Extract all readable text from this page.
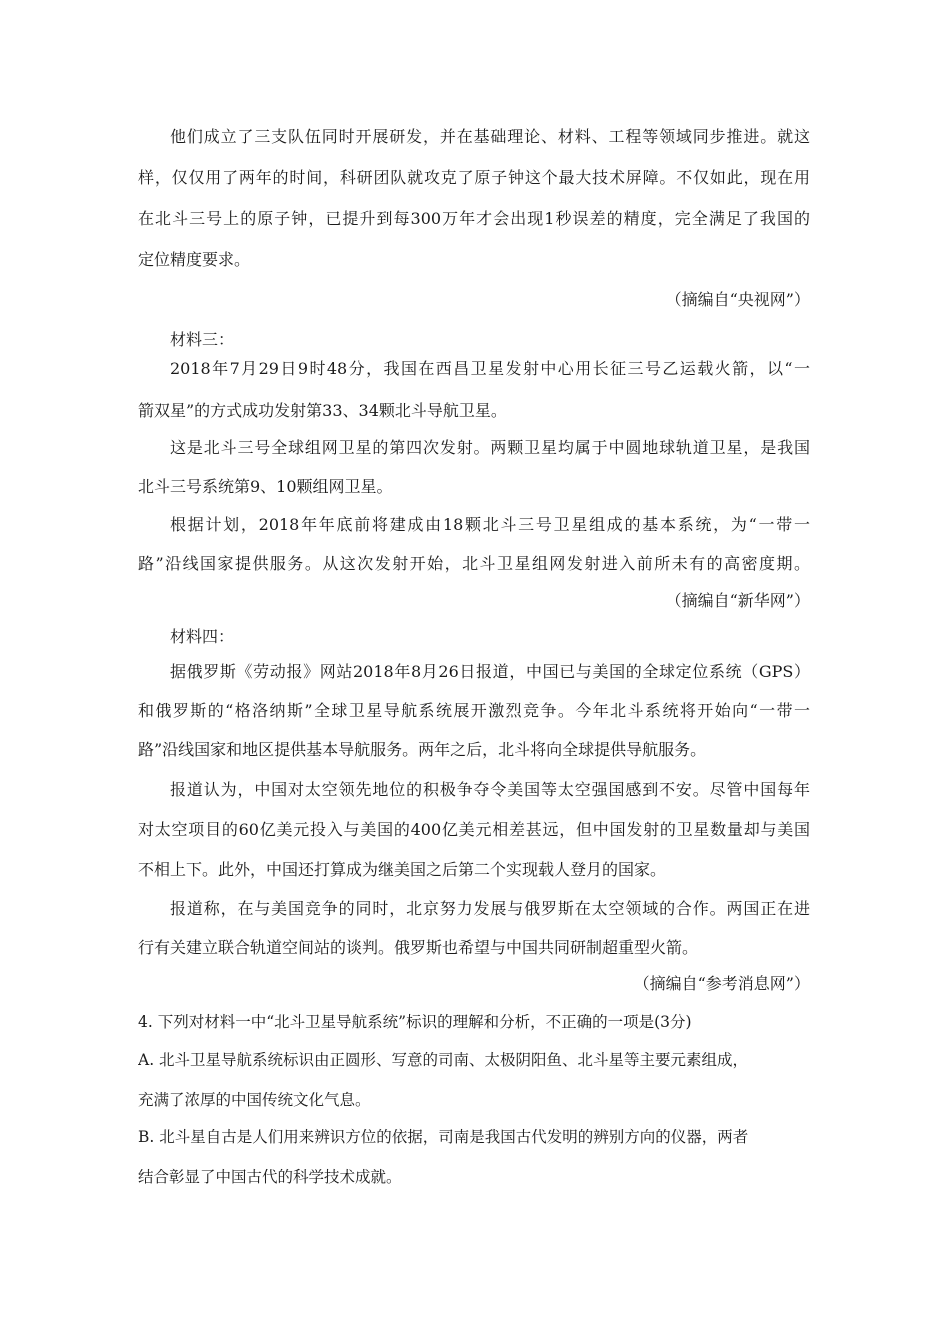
他们成立了三支队伍同时开展研发，并在基础理论、材料、工程等领域同步推进。就这
样，仅仅用了两年的时间，科研团队就攻克了原子钟这个最大技术屏障。不仅如此，现在用
在北斗三号上的原子钟，已提升到每300万年才会出现1秒误差的精度，完全满足了我国的
定位精度要求。
（摘编自“央视网”）
材料三：
2018年7月29日9时48分，我国在西昌卫星发射中心用长征三号乙运载火箭，以“一
箭双星”的方式成功发射第33、34颗北斗导航卫星。
这是北斗三号全球组网卫星的第四次发射。两颗卫星均属于中圆地球轨道卫星，是我国
北斗三号系统第9、10颗组网卫星。
根据计划，2018年年底前将建成由18颗北斗三号卫星组成的基本系统，为“一带一
路”沿线国家提供服务。从这次发射开始，北斗卫星组网发射进入前所未有的高密度期。
（摘编自“新华网”）
材料四：
据俄罗斯《劳动报》网站2018年8月26日报道，中国已与美国的全球定位系统（GPS）
和俄罗斯的“格洛纳斯”全球卫星导航系统展开激烈竞争。今年北斗系统将开始向“一带一
路”沿线国家和地区提供基本导航服务。两年之后，北斗将向全球提供导航服务。
报道认为，中国对太空领先地位的积极争夺令美国等太空强国感到不安。尽管中国每年
对太空项目的60亿美元投入与美国的400亿美元相差甚远，但中国发射的卫星数量却与美国
不相上下。此外，中国还打算成为继美国之后第二个实现载人登月的国家。
报道称，在与美国竞争的同时，北京努力发展与俄罗斯在太空领域的合作。两国正在进
行有关建立联合轨道空间站的谈判。俄罗斯也希望与中国共同研制超重型火箭。
（摘编自“参考消息网”）
4. 下列对材料一中“北斗卫星导航系统”标识的理解和分析，不正确的一项是(3分)
A. 北斗卫星导航系统标识由正圆形、写意的司南、太极阴阳鱼、北斗星等主要元素组成，
充满了浓厚的中国传统文化气息。
B. 北斗星自古是人们用来辨识方位的依据，司南是我国古代发明的辨别方向的仪器，两者
结合彰显了中国古代的科学技术成就。
